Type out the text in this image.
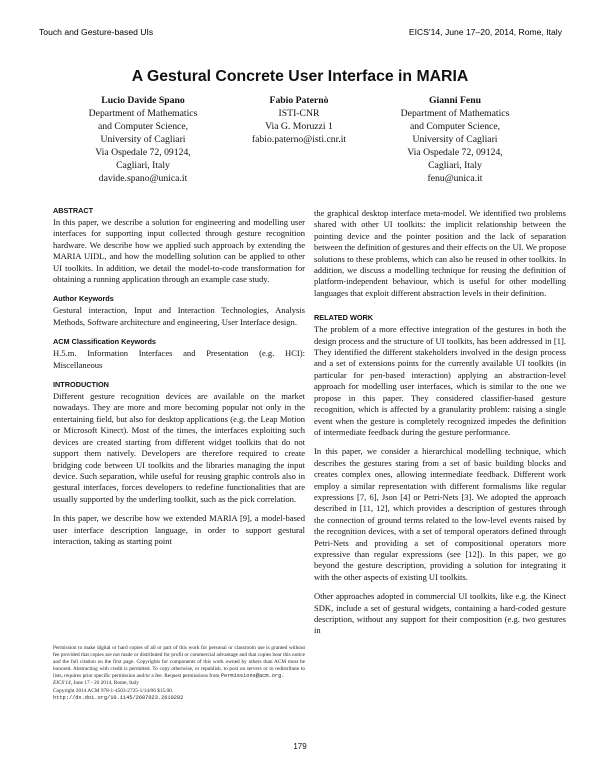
Touch and Gesture-based UIs	EICS'14, June 17–20, 2014, Rome, Italy
A Gestural Concrete User Interface in MARIA
Lucio Davide Spano
Department of Mathematics
and Computer Science,
University of Cagliari
Via Ospedale 72, 09124,
Cagliari, Italy
davide.spano@unica.it
Fabio Paternò
ISTI-CNR
Via G. Moruzzi 1
fabio.paterno@isti.cnr.it
Gianni Fenu
Department of Mathematics
and Computer Science,
University of Cagliari
Via Ospedale 72, 09124,
Cagliari, Italy
fenu@unica.it
ABSTRACT
In this paper, we describe a solution for engineering and modelling user interfaces for supporting input collected through gesture recognition hardware. We describe how we applied such approach by extending the MARIA UIDL, and how the modelling solution can be applied to other UI toolkits. In addition, we detail the model-to-code transformation for obtaining a running application through an example case study.
Author Keywords
Gestural interaction, Input and Interaction Technologies, Analysis Methods, Software architecture and engineering, User Interface design.
ACM Classification Keywords
H.5.m. Information Interfaces and Presentation (e.g. HCI): Miscellaneous
INTRODUCTION
Different gesture recognition devices are available on the market nowadays. They are more and more becoming popular not only in the entertaining field, but also for desktop applications (e.g. the Leap Motion or Microsoft Kinect). Most of the times, the interfaces exploiting such devices are created starting from different widget toolkits that do not support them natively. Developers are therefore required to create bridging code between UI toolkits and the libraries managing the input device. Such separation, while useful for reusing graphic controls also in gestural interfaces, forces developers to redefine functionalities that are usually supported by the underling toolkit, such as the pick correlation.
In this paper, we describe how we extended MARIA [9], a model-based user interface description language, in order to support gestural interaction, taking as starting point
Permission to make digital or hard copies of all or part of this work for personal or classroom use is granted without fee provided that copies are not made or distributed for profit or commercial advantage and that copies bear this notice and the full citation on the first page. Copyrights for components of this work owned by others than ACM must be honored. Abstracting with credit is permitted. To copy otherwise, or republish, to post on servers or to redistribute to lists, requires prior specific permission and/or a fee. Request permissions from Permissions@acm.org.
EICS'14, June 17 - 20 2014, Rome, Italy
Copyright 2014 ACM 978-1-4503-2725-1/14/06 $15.00.
http://dx.doi.org/10.1145/2607023.2610282
the graphical desktop interface meta-model. We identified two problems shared with other UI toolkits: the implicit relationship between the pointing device and the pointer position and the lack of separation between the definition of gestures and their effects on the UI. We propose solutions to these problems, which can also be reused in other toolkits. In addition, we discuss a modelling technique for reusing the definition of platform-independent behaviour, which is useful for other modelling languages that exploit different abstraction levels in their definition.
RELATED WORK
The problem of a more effective integration of the gestures in both the design process and the structure of UI toolkits, has been addressed in [1]. They identified the different stakeholders involved in the design process and a set of extensions points for the currently available UI toolkits (in particular for pen-based interaction) applying an abstraction-level approach for modelling user interfaces, which is similar to the one we propose in this paper. They considered classifier-based gesture recognition, which is affected by a granularity problem: raising a single event when the gesture is completely recognized impedes the definition of intermediate feedback during the gesture performance.
In this paper, we consider a hierarchical modelling technique, which describes the gestures staring from a set of basic building blocks and creates complex ones, allowing intermediate feedback. Different work employ a similar representation with different formalisms like regular expressions [7, 6], Json [4] or Petri-Nets [3]. We adopted the approach described in [11, 12], which provides a description of gestures through the connection of ground terms related to the low-level events raised by the recognition devices, with a set of temporal operators defined through Petri-Nets and providing a set of compositional operators more expressive than regular expressions (see [12]). In this paper, we go beyond the gesture description, providing a solution for integrating it with the other aspects of existing UI toolkits.
Other approaches adopted in commercial UI toolkits, like e.g. the Kinect SDK, include a set of gestural widgets, containing a hard-coded gesture description, without any support for their composition (e.g. two gestures in
179
